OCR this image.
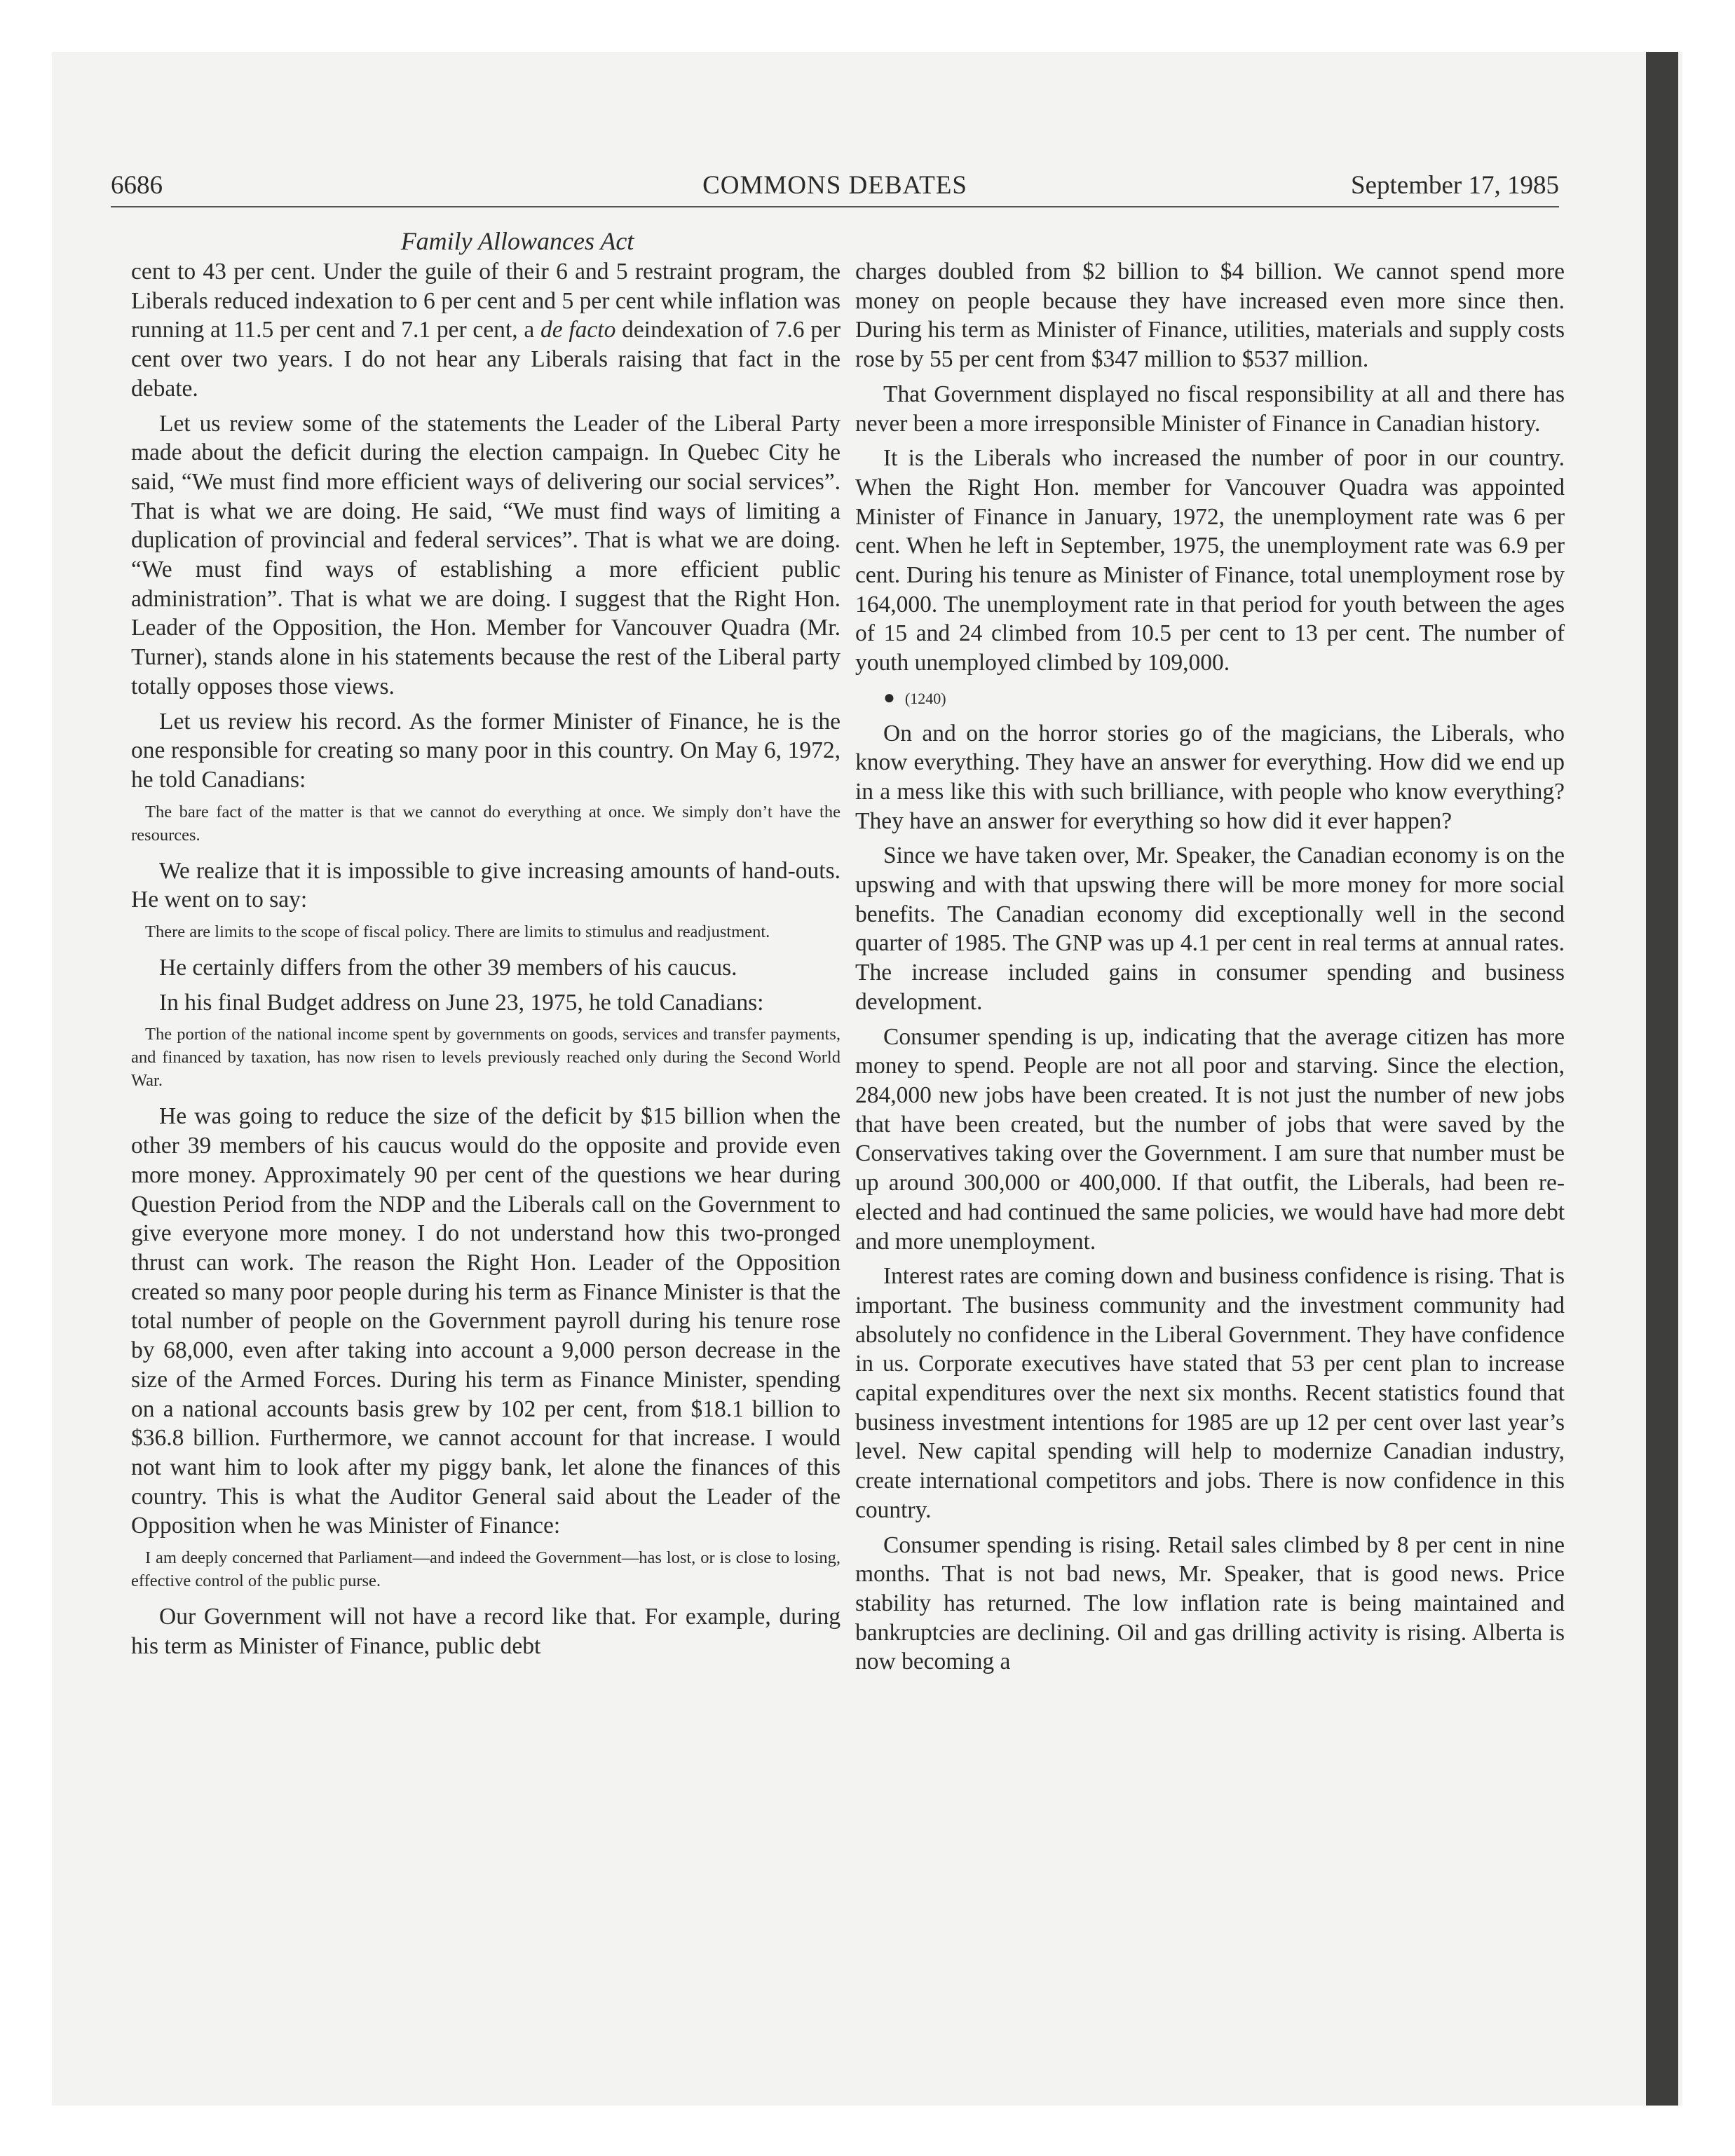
COMMONS DEBATES
6686	September 17, 1985
Family Allowances Act

cent to 43 per cent. Under the guile of their 6 and 5 restraint program, the Liberals reduced indexation to 6 per cent and 5 per cent while inflation was running at 11.5 per cent and 7.1 per cent, a de facto deindexation of 7.6 per cent over two years. I do not hear any Liberals raising that fact in the debate.

Let us review some of the statements the Leader of the Liberal Party made about the deficit during the election campaign. In Quebec City he said, “We must find more efficient ways of delivering our social services”. That is what we are doing. He said, “We must find ways of limiting a duplication of provincial and federal services”. That is what we are doing. “We must find ways of establishing a more efficient public administration”. That is what we are doing. I suggest that the Right Hon. Leader of the Opposition, the Hon. Member for Vancouver Quadra (Mr. Turner), stands alone in his statements because the rest of the Liberal party totally opposes those views.

Let us review his record. As the former Minister of Finance, he is the one responsible for creating so many poor in this country. On May 6, 1972, he told Canadians:

The bare fact of the matter is that we cannot do everything at once. We simply don’t have the resources.

We realize that it is impossible to give increasing amounts of hand-outs. He went on to say:

There are limits to the scope of fiscal policy. There are limits to stimulus and readjustment.

He certainly differs from the other 39 members of his caucus.

In his final Budget address on June 23, 1975, he told Canadians:

The portion of the national income spent by governments on goods, services and transfer payments, and financed by taxation, has now risen to levels previously reached only during the Second World War.

He was going to reduce the size of the deficit by $15 billion when the other 39 members of his caucus would do the opposite and provide even more money. Approximately 90 per cent of the questions we hear during Question Period from the NDP and the Liberals call on the Government to give everyone more money. I do not understand how this two-pronged thrust can work. The reason the Right Hon. Leader of the Opposition created so many poor people during his term as Finance Minister is that the total number of people on the Government payroll during his tenure rose by 68,000, even after taking into account a 9,000 person decrease in the size of the Armed Forces. During his term as Finance Minister, spending on a national accounts basis grew by 102 per cent, from $18.1 billion to $36.8 billion. Furthermore, we cannot account for that increase. I would not want him to look after my piggy bank, let alone the finances of this country. This is what the Auditor General said about the Leader of the Opposition when he was Minister of Finance:

I am deeply concerned that Parliament—and indeed the Government—has lost, or is close to losing, effective control of the public purse.

Our Government will not have a record like that. For example, during his term as Minister of Finance, public debt

charges doubled from $2 billion to $4 billion. We cannot spend more money on people because they have increased even more since then. During his term as Minister of Finance, utilities, materials and supply costs rose by 55 per cent from $347 million to $537 million.

That Government displayed no fiscal responsibility at all and there has never been a more irresponsible Minister of Finance in Canadian history.

It is the Liberals who increased the number of poor in our country. When the Right Hon. member for Vancouver Quadra was appointed Minister of Finance in January, 1972, the unemployment rate was 6 per cent. When he left in September, 1975, the unemployment rate was 6.9 per cent. During his tenure as Minister of Finance, total unemployment rose by 164,000. The unemployment rate in that period for youth between the ages of 15 and 24 climbed from 10.5 per cent to 13 per cent. The number of youth unemployed climbed by 109,000.

● (1240)

On and on the horror stories go of the magicians, the Liberals, who know everything. They have an answer for everything. How did we end up in a mess like this with such brilliance, with people who know everything? They have an answer for everything so how did it ever happen?

Since we have taken over, Mr. Speaker, the Canadian economy is on the upswing and with that upswing there will be more money for more social benefits. The Canadian economy did exceptionally well in the second quarter of 1985. The GNP was up 4.1 per cent in real terms at annual rates. The increase included gains in consumer spending and business development.

Consumer spending is up, indicating that the average citizen has more money to spend. People are not all poor and starving. Since the election, 284,000 new jobs have been created. It is not just the number of new jobs that have been created, but the number of jobs that were saved by the Conservatives taking over the Government. I am sure that number must be up around 300,000 or 400,000. If that outfit, the Liberals, had been re-elected and had continued the same policies, we would have had more debt and more unemployment.

Interest rates are coming down and business confidence is rising. That is important. The business community and the investment community had absolutely no confidence in the Liberal Government. They have confidence in us. Corporate executives have stated that 53 per cent plan to increase capital expenditures over the next six months. Recent statistics found that business investment intentions for 1985 are up 12 per cent over last year’s level. New capital spending will help to modernize Canadian industry, create international competitors and jobs. There is now confidence in this country.

Consumer spending is rising. Retail sales climbed by 8 per cent in nine months. That is not bad news, Mr. Speaker, that is good news. Price stability has returned. The low inflation rate is being maintained and bankruptcies are declining. Oil and gas drilling activity is rising. Alberta is now becoming a
